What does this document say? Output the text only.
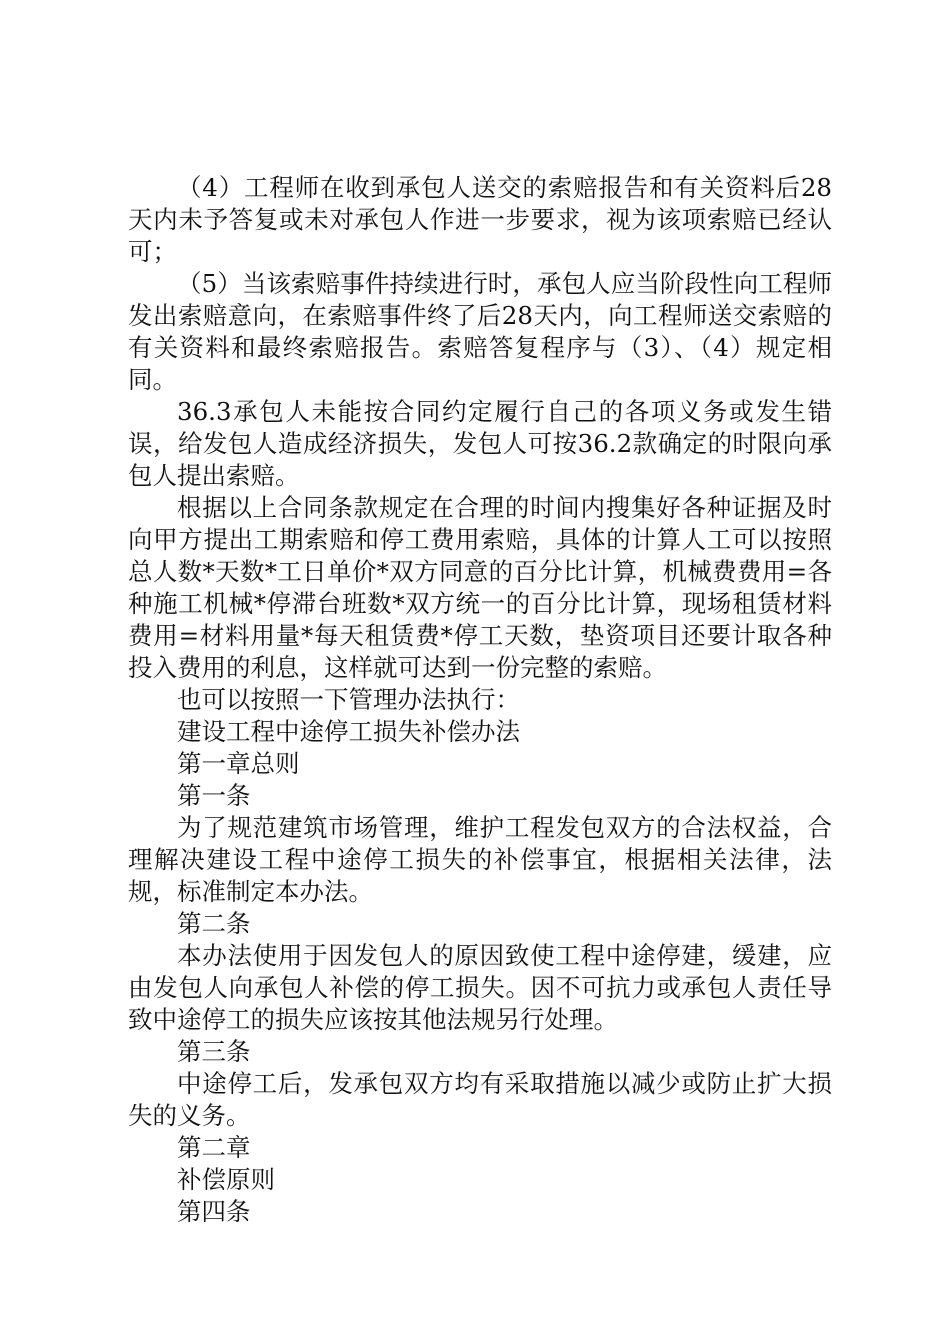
（4）工程师在收到承包人送交的索赔报告和有关资料后28天内未予答复或未对承包人作进一步要求，视为该项索赔已经认可；

（5）当该索赔事件持续进行时，承包人应当阶段性向工程师发出索赔意向，在索赔事件终了后28天内，向工程师送交索赔的有关资料和最终索赔报告。索赔答复程序与（3）、（4）规定相同。

36.3承包人未能按合同约定履行自己的各项义务或发生错误，给发包人造成经济损失，发包人可按36.2款确定的时限向承包人提出索赔。

根据以上合同条款规定在合理的时间内搜集好各种证据及时向甲方提出工期索赔和停工费用索赔，具体的计算人工可以按照总人数*天数*工日单价*双方同意的百分比计算，机械费费用=各种施工机械*停滞台班数*双方统一的百分比计算，现场租赁材料费用=材料用量*每天租赁费*停工天数，垫资项目还要计取各种投入费用的利息，这样就可达到一份完整的索赔。

也可以按照一下管理办法执行：

建设工程中途停工损失补偿办法

第一章总则

第一条

为了规范建筑市场管理，维护工程发包双方的合法权益，合理解决建设工程中途停工损失的补偿事宜，根据相关法律，法规，标准制定本办法。

第二条

本办法使用于因发包人的原因致使工程中途停建，缓建，应由发包人向承包人补偿的停工损失。因不可抗力或承包人责任导致中途停工的损失应该按其他法规另行处理。

第三条

中途停工后，发承包双方均有采取措施以减少或防止扩大损失的义务。

第二章

补偿原则

第四条
